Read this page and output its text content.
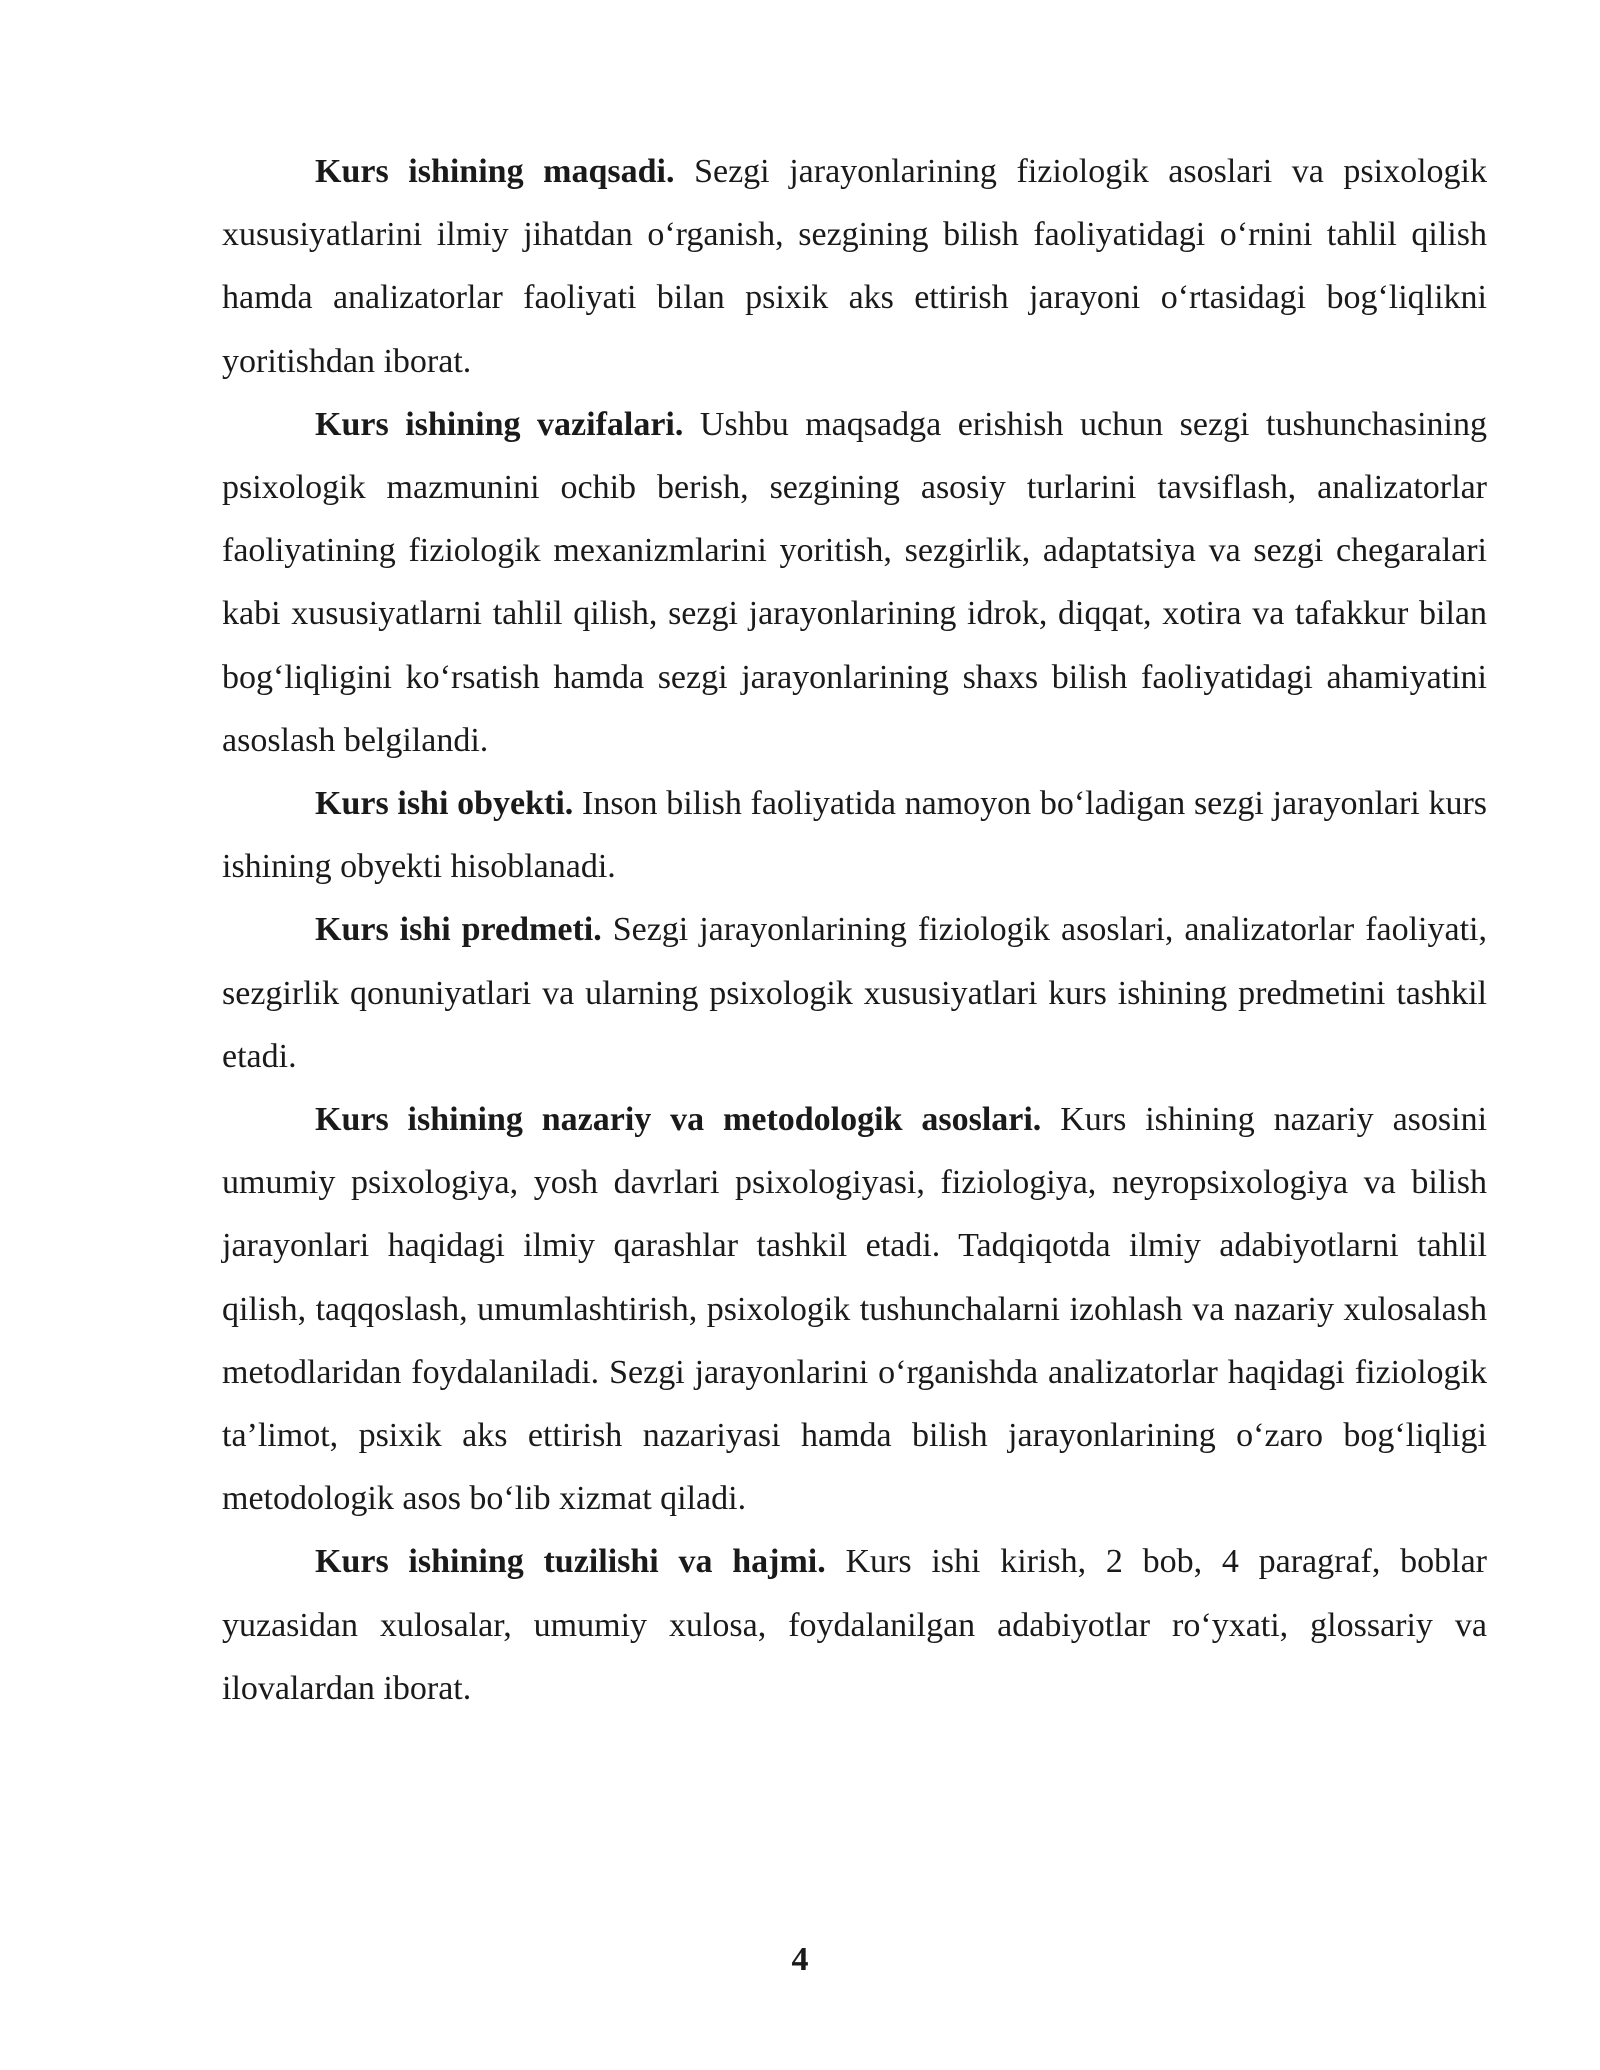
Kurs ishining maqsadi. Sezgi jarayonlarining fiziologik asoslari va psixologik xususiyatlarini ilmiy jihatdan o‘rganish, sezgining bilish faoliyatidagi o‘rnini tahlil qilish hamda analizatorlar faoliyati bilan psixik aks ettirish jarayoni o‘rtasidagi bog‘liqlikni yoritishdan iborat.

Kurs ishining vazifalari. Ushbu maqsadga erishish uchun sezgi tushunchasining psixologik mazmunini ochib berish, sezgining asosiy turlarini tavsiflash, analizatorlar faoliyatining fiziologik mexanizmlarini yoritish, sezgirlik, adaptatsiya va sezgi chegaralari kabi xususiyatlarni tahlil qilish, sezgi jarayonlarining idrok, diqqat, xotira va tafakkur bilan bog‘liqligini ko‘rsatish hamda sezgi jarayonlarining shaxs bilish faoliyatidagi ahamiyatini asoslash belgilandi.

Kurs ishi obyekti. Inson bilish faoliyatida namoyon bo‘ladigan sezgi jarayonlari kurs ishining obyekti hisoblanadi.

Kurs ishi predmeti. Sezgi jarayonlarining fiziologik asoslari, analizatorlar faoliyati, sezgirlik qonuniyatlari va ularning psixologik xususiyatlari kurs ishining predmetini tashkil etadi.

Kurs ishining nazariy va metodologik asoslari. Kurs ishining nazariy asosini umumiy psixologiya, yosh davrlari psixologiyasi, fiziologiya, neyropsixologiya va bilish jarayonlari haqidagi ilmiy qarashlar tashkil etadi. Tadqiqotda ilmiy adabiyotlarni tahlil qilish, taqqoslash, umumlashtirish, psixologik tushunchalarni izohlash va nazariy xulosalash metodlaridan foydalaniladi. Sezgi jarayonlarini o‘rganishda analizatorlar haqidagi fiziologik ta’limot, psixik aks ettirish nazariyasi hamda bilish jarayonlarining o‘zaro bog‘liqligi metodologik asos bo‘lib xizmat qiladi.

Kurs ishining tuzilishi va hajmi. Kurs ishi kirish, 2 bob, 4 paragraf, boblar yuzasidan xulosalar, umumiy xulosa, foydalanilgan adabiyotlar ro‘yxati, glossariy va ilovalardan iborat.

4
